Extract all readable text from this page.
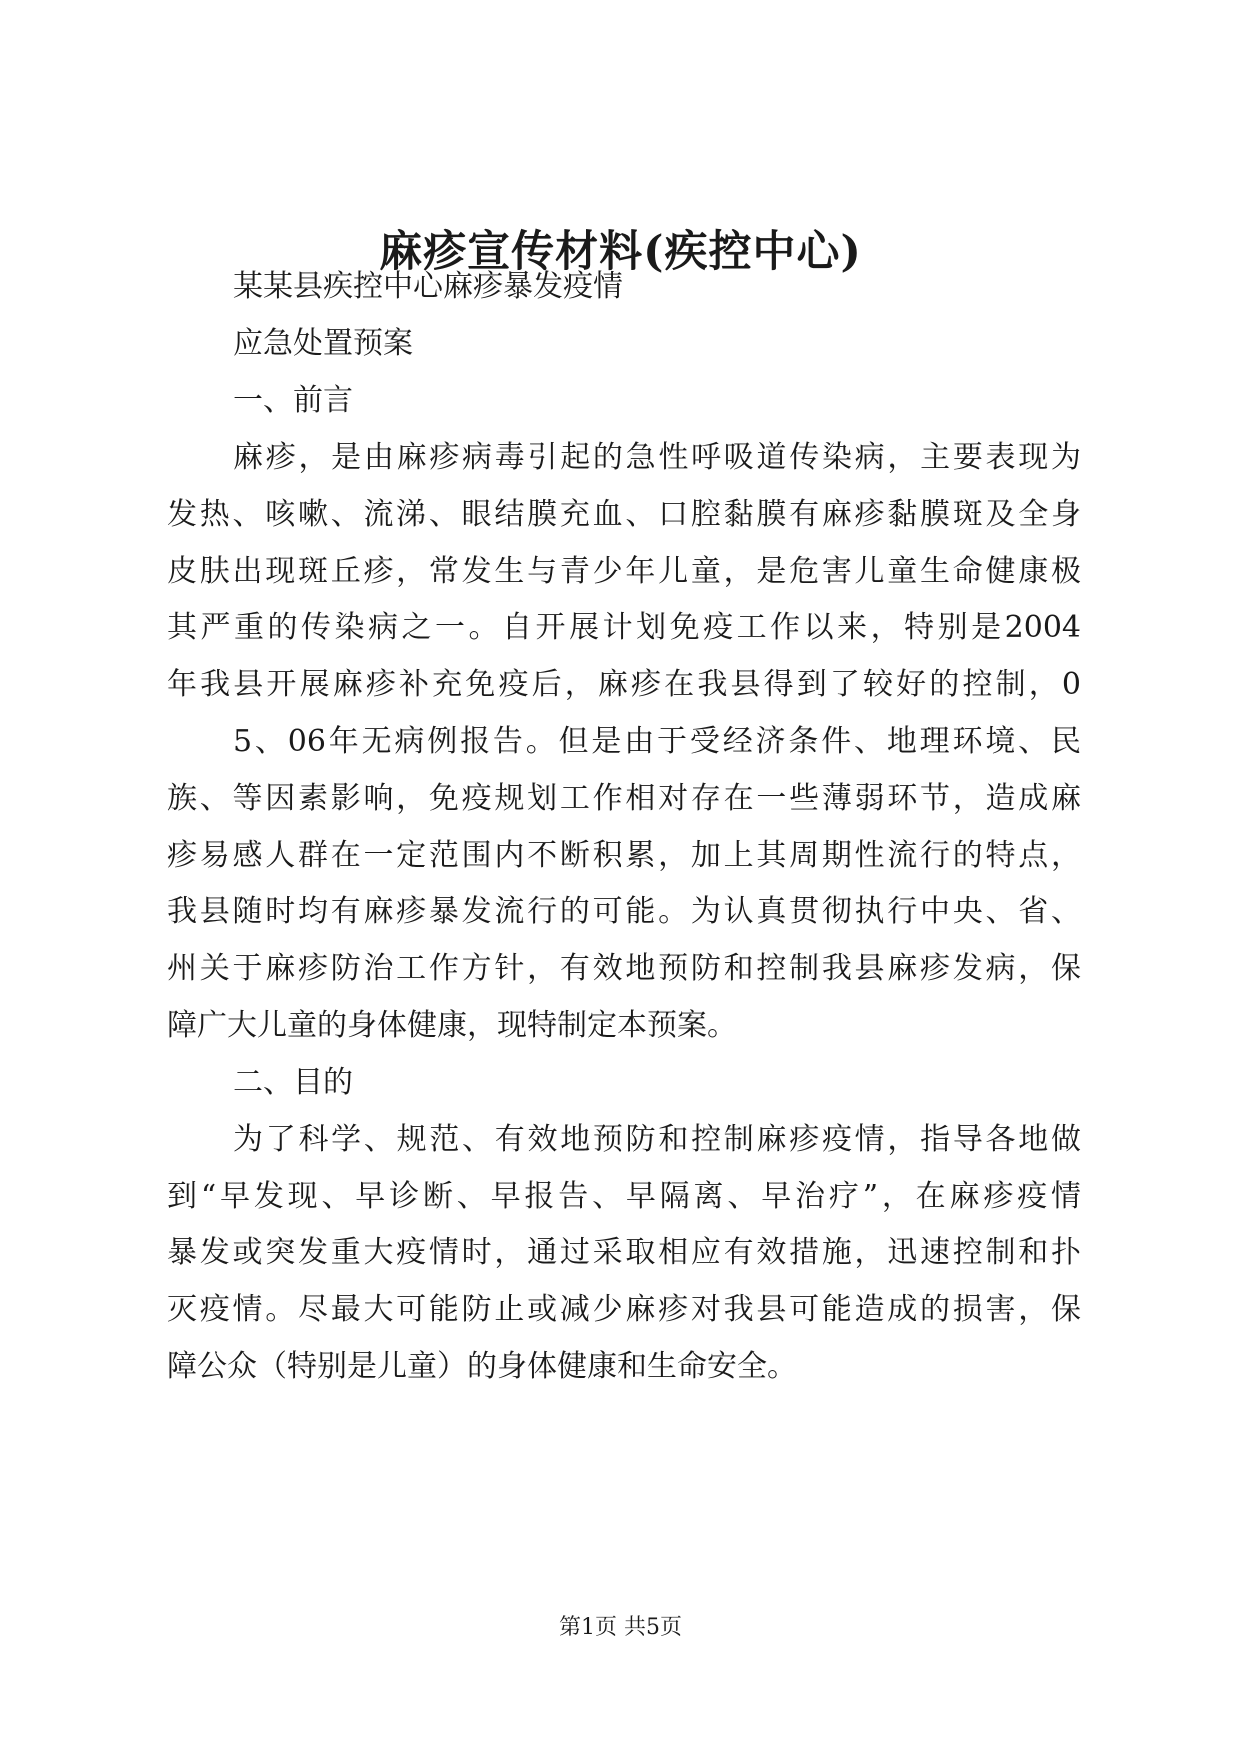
麻疹宣传材料(疾控中心)

某某县疾控中心麻疹暴发疫情

应急处置预案

一、前言

麻疹，是由麻疹病毒引起的急性呼吸道传染病，主要表现为

发热、咳嗽、流涕、眼结膜充血、口腔黏膜有麻疹黏膜斑及全身

皮肤出现斑丘疹，常发生与青少年儿童，是危害儿童生命健康极

其严重的传染病之一。自开展计划免疫工作以来，特别是2004

年我县开展麻疹补充免疫后，麻疹在我县得到了较好的控制，0

5、06年无病例报告。但是由于受经济条件、地理环境、民

族、等因素影响，免疫规划工作相对存在一些薄弱环节，造成麻

疹易感人群在一定范围内不断积累，加上其周期性流行的特点，

我县随时均有麻疹暴发流行的可能。为认真贯彻执行中央、省、

州关于麻疹防治工作方针，有效地预防和控制我县麻疹发病，保

障广大儿童的身体健康，现特制定本预案。

二、目的

为了科学、规范、有效地预防和控制麻疹疫情，指导各地做

到“早发现、早诊断、早报告、早隔离、早治疗”，在麻疹疫情

暴发或突发重大疫情时，通过采取相应有效措施，迅速控制和扑

灭疫情。尽最大可能防止或减少麻疹对我县可能造成的损害，保

障公众（特别是儿童）的身体健康和生命安全。

第1页 共5页
